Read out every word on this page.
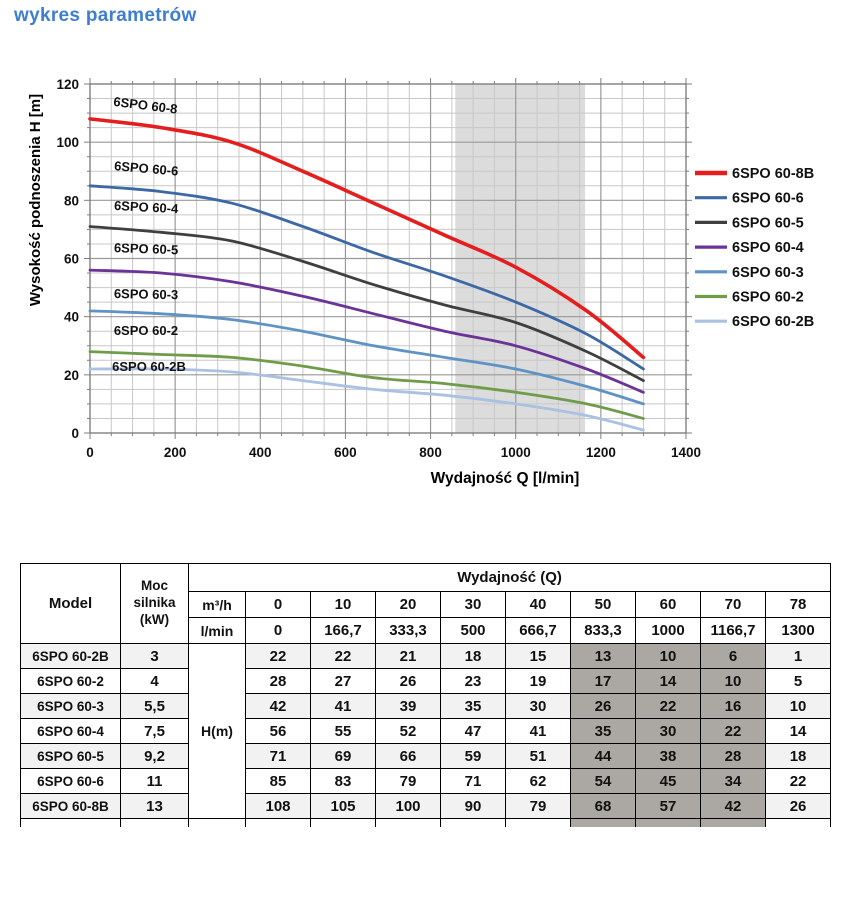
wykres parametrów
0	200	400	600	800	1000	1200	1400
0
20
40
60
80
100
120
Wydajność Q [l/min]
Wysokość podnoszenia H [m]	6SPO 60-8
6SPO 60-6
6SPO 60-4
6SPO 60-5
6SPO 60-3
6SPO 60-2
6SPO 60-2B
6SPO 60-8B
6SPO 60-6
6SPO 60-5
6SPO 60-4
6SPO 60-3
6SPO 60-2
6SPO 60-2B
Model	Moc silnika (kW)	Wydajność (Q)									
		m³/h	0	10	20	30	40	50	60	70	78
		l/min	0	166,7	333,3	500	666,7	833,3	1000	1166,7	1300
6SPO 60-2B	3	H(m)	22	22	21	18	15	13	10	6	1
6SPO 60-2	4		28	27	26	23	19	17	14	10	5
6SPO 60-3	5,5		42	41	39	35	30	26	22	16	10
6SPO 60-4	7,5		56	55	52	47	41	35	30	22	14
6SPO 60-5	9,2		71	69	66	59	51	44	38	28	18
6SPO 60-6	11		85	83	79	71	62	54	45	34	22
6SPO 60-8B	13		108	105	100	90	79	68	57	42	26
